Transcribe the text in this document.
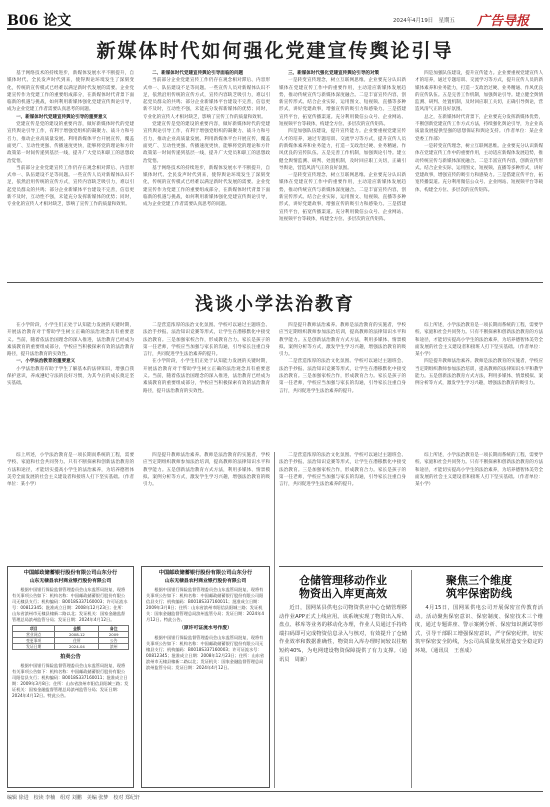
B06 论文	2024年4月19日　星期五 广告导报
新媒体时代如何强化党建宣传舆论引导

基于网络技术的持续进步，新媒体发展水平不断提升，自媒体时代、全民发声时代到来，使得舆论环境发生了深刻变化，传统的宣传模式已经难以满足新时代发展的需要。企业党建宣传作为党建工作的重要组成部分，在新媒体时代背景下面临新的机遇与挑战，如何利用新媒体强化党建宣传舆论引导，成为企业党建工作者需要认真思考的问题。

一、新媒体时代党建宣传舆论引导的重要意义

党建宣传是党的建设的重要内容，做好新媒体时代的党建宣传舆论引导工作，有利于增强党组织的凝聚力、战斗力和号召力，推动企业高质量发展。利用新媒体平台开展宣传，覆盖面更广、互动性更强、传播速度更快，能够将党的理论和方针政策第一时间传递到基层一线，提升广大党员和职工的思想政治觉悟。

当前部分企业党建宣传工作仍存在观念相对滞后、内容形式单一、队伍建设不足等问题。一些宣传人员对新媒体认识不足，依然沿用传统的宣传方式，宣传内容缺乏吸引力，难以引起党员群众的共鸣；部分企业新媒体平台建设不完善，信息更新不及时，互动性不强，未能充分发挥新媒体的优势；同时，专业化的宣传人才相对缺乏，影响了宣传工作的质量和效果。

二、新媒体时代党建宣传舆论引导面临的问题

当前部分企业党建宣传工作仍存在观念相对滞后、内容形式单一、队伍建设不足等问题。一些宣传人员对新媒体认识不足，依然沿用传统的宣传方式，宣传内容缺乏吸引力，难以引起党员群众的共鸣；部分企业新媒体平台建设不完善，信息更新不及时，互动性不强，未能充分发挥新媒体的优势；同时，专业化的宣传人才相对缺乏，影响了宣传工作的质量和效果。

党建宣传是党的建设的重要内容，做好新媒体时代的党建宣传舆论引导工作，有利于增强党组织的凝聚力、战斗力和号召力，推动企业高质量发展。利用新媒体平台开展宣传，覆盖面更广、互动性更强、传播速度更快，能够将党的理论和方针政策第一时间传递到基层一线，提升广大党员和职工的思想政治觉悟。

基于网络技术的持续进步，新媒体发展水平不断提升，自媒体时代、全民发声时代到来，使得舆论环境发生了深刻变化，传统的宣传模式已经难以满足新时代发展的需要。企业党建宣传作为党建工作的重要组成部分，在新媒体时代背景下面临新的机遇与挑战，如何利用新媒体强化党建宣传舆论引导，成为企业党建工作者需要认真思考的问题。

三、新媒体时代强化党建宣传舆论引导的对策

一是转变宣传理念，树立互联网思维。企业要充分认识新媒体在党建宣传工作中的重要作用，主动适应新媒体发展趋势，推动传统宣传与新媒体深度融合。二是丰富宣传内容，创新宣传形式。结合企业实际，运用图文、短视频、直播等多种形式，讲好党建故事，增强宣传的吸引力和感染力。三是搭建宣传平台，拓宽传播渠道。充分利用微信公众号、企业网站、短视频平台等载体，构建全方位、多层次的宣传矩阵。

四是加强队伍建设，提升宣传能力。企业要重视党建宣传人才的培养，通过专题培训、交流学习等方式，提升宣传人员的新媒体素养和业务能力，打造一支政治过硬、业务精通、作风优良的宣传队伍。五是完善工作机制，加强舆论引导。建立健全舆情监测、研判、处置机制，及时回应职工关切，正确引导舆论，营造风清气正的良好氛围。

一是转变宣传理念，树立互联网思维。企业要充分认识新媒体在党建宣传工作中的重要作用，主动适应新媒体发展趋势，推动传统宣传与新媒体深度融合。二是丰富宣传内容，创新宣传形式。结合企业实际，运用图文、短视频、直播等多种形式，讲好党建故事，增强宣传的吸引力和感染力。三是搭建宣传平台，拓宽传播渠道。充分利用微信公众号、企业网站、短视频平台等载体，构建全方位、多层次的宣传矩阵。

四是加强队伍建设，提升宣传能力。企业要重视党建宣传人才的培养，通过专题培训、交流学习等方式，提升宣传人员的新媒体素养和业务能力，打造一支政治过硬、业务精通、作风优良的宣传队伍。五是完善工作机制，加强舆论引导。建立健全舆情监测、研判、处置机制，及时回应职工关切，正确引导舆论，营造风清气正的良好氛围。

总之，在新媒体时代背景下，企业要充分发挥新媒体优势，不断创新党建宣传工作方式方法，持续强化舆论引导，为企业高质量发展提供坚强的思想保证和舆论支持。（作者单位：某企业党委工作部）

一是转变宣传理念，树立互联网思维。企业要充分认识新媒体在党建宣传工作中的重要作用，主动适应新媒体发展趋势，推动传统宣传与新媒体深度融合。二是丰富宣传内容，创新宣传形式。结合企业实际，运用图文、短视频、直播等多种形式，讲好党建故事，增强宣传的吸引力和感染力。三是搭建宣传平台，拓宽传播渠道。充分利用微信公众号、企业网站、短视频平台等载体，构建全方位、多层次的宣传矩阵。

浅谈小学法治教育

在小学阶段，小学生们正处于认知能力发展的关键时期，开展法治教育对于帮助学生树立正确的法治观念具有重要意义。当前，随着依法治国理念的深入推进，法治教育已经成为素质教育的重要组成部分，学校应当积极探索有效的法治教育路径，提升法治教育的实效性。

一、小学法治教育的重要意义

小学法治教育有助于学生了解基本的法律知识，增强自我保护意识，养成遵纪守法的良好习惯，为其今后的成长奠定坚实基础。

二是营造浓厚的法治文化氛围。学校可以通过主题班会、法治手抄报、法治知识竞赛等形式，让学生在潜移默化中接受法治教育。三是加强家校合作，形成教育合力。家长是孩子的第一任老师，学校应当加强与家长的沟通，引导家长注重自身言行，共同促进学生法治素养的提升。

在小学阶段，小学生们正处于认知能力发展的关键时期，开展法治教育对于帮助学生树立正确的法治观念具有重要意义。当前，随着依法治国理念的深入推进，法治教育已经成为素质教育的重要组成部分，学校应当积极探索有效的法治教育路径，提升法治教育的实效性。

四是提升教师法治素养。教师是法治教育的实施者，学校应当定期组织教师参加法治培训，提高教师的法律知识水平和教学能力。五是创新法治教育方式方法，利用多媒体、情景模拟、案例分析等方式，激发学生学习兴趣，增强法治教育的吸引力。

二是营造浓厚的法治文化氛围。学校可以通过主题班会、法治手抄报、法治知识竞赛等形式，让学生在潜移默化中接受法治教育。三是加强家校合作，形成教育合力。家长是孩子的第一任老师，学校应当加强与家长的沟通，引导家长注重自身言行，共同促进学生法治素养的提升。

综上所述，小学法治教育是一项长期而系统的工程，需要学校、家庭和社会共同努力。只有不断探索和创新法治教育的方法和途径，才能切实提高小学生的法治素养，为培养德智体美劳全面发展的社会主义建设者和接班人打下坚实基础。（作者单位：某小学）

四是提升教师法治素养。教师是法治教育的实施者，学校应当定期组织教师参加法治培训，提高教师的法律知识水平和教学能力。五是创新法治教育方式方法，利用多媒体、情景模拟、案例分析等方式，激发学生学习兴趣，增强法治教育的吸引力。

综上所述，小学法治教育是一项长期而系统的工程，需要学校、家庭和社会共同努力。只有不断探索和创新法治教育的方法和途径，才能切实提高小学生的法治素养，为培养德智体美劳全面发展的社会主义建设者和接班人打下坚实基础。（作者单位：某小学）

四是提升教师法治素养。教师是法治教育的实施者，学校应当定期组织教师参加法治培训，提高教师的法律知识水平和教学能力。五是创新法治教育方式方法，利用多媒体、情景模拟、案例分析等方式，激发学生学习兴趣，增强法治教育的吸引力。

中国邮政储蓄银行股份有限公司山东分行
山东无棣县农村商业银行股份有限公司
根据中国银行保险监督管理委员会山东监管局批复，现将有关事项公告如下：机构名称：中国邮政储蓄银行股份有限公司无棣县支行；机构编码：B0018S337160003；许可证流水号：00812345；批准成立日期：2008年12月23日；住所：山东省滨州市无棣县棣新二路以北；发证机关：国家金融监督管理总局滨州监管分局；发证日期：2024年4月12日。
项目	金额	备注
营业网点	2008-12	2009
变更事项	住所	公告
发证日期	2024-04	滨州
拍卖公告
根据中国银行保险监督管理委员会山东监管局批复，现将有关事项公告如下：机构名称：中国邮政储蓄银行股份有限公司阳信县支行；机构编码：B0018S337160011；批准成立日期：2009年3月8日；住所：山东省滨州市阳信县阳城三路；发证机关：国家金融监督管理总局滨州监管分局；发证日期：2024年4月12日。特此公告。
中国邮政储蓄银行股份有限公司山东分行
山东无棣县农村商业银行股份有限公司
根据中国银行保险监督管理委员会山东监管局批复，现将有关事项公告如下：机构名称：中国邮政储蓄银行股份有限公司阳信县支行；机构编码：B0018S337160011；批准成立日期：2009年3月8日；住所：山东省滨州市阳信县阳城三路；发证机关：国家金融监督管理总局滨州监管分局；发证日期：2024年4月12日。特此公告。
（原许可证流水号作废）
根据中国银行保险监督管理委员会山东监管局批复，现将有关事项公告如下：机构名称：中国邮政储蓄银行股份有限公司无棣县支行；机构编码：B0018S337160003；许可证流水号：00812345；批准成立日期：2008年12月23日；住所：山东省滨州市无棣县棣新二路以北；发证机关：国家金融监督管理总局滨州监管分局；发证日期：2024年4月12日。

二是营造浓厚的法治文化氛围。学校可以通过主题班会、法治手抄报、法治知识竞赛等形式，让学生在潜移默化中接受法治教育。三是加强家校合作，形成教育合力。家长是孩子的第一任老师，学校应当加强与家长的沟通，引导家长注重自身言行，共同促进学生法治素养的提升。

综上所述，小学法治教育是一项长期而系统的工程，需要学校、家庭和社会共同努力。只有不断探索和创新法治教育的方法和途径，才能切实提高小学生的法治素养，为培养德智体美劳全面发展的社会主义建设者和接班人打下坚实基础。（作者单位：某小学）

仓储管理移动作业
物资出入库更高效
近日，国网某县供电公司物资供应中心仓储管理移动作业APP正式上线应用。该系统实现了物资出入库、盘点、移库等业务的移动化办理，作业人员通过手持终端扫码即可完成物资信息录入与核对，有效提升了仓储作业效率和数据准确性，物资出入库办理时间较以往缩短约40%，为电网建设物资保障提供了有力支撑。（通讯员　周新）
聚焦三个维度
筑牢保密防线
4月15日，国网某供电公司开展保密宣传教育活动。活动聚焦保密意识、保密制度、保密技术三个维度，通过专题讲座、警示案例分析、保密知识测试等形式，引导干部职工增强保密意识，严守保密纪律，切实筑牢保密安全防线，为公司高质量发展营造安全稳定的环境。（通讯员　王喜成）
编辑 徐进　校读 李楠　组对 刘鹏　美编 张梦　校对 郑纪轩
